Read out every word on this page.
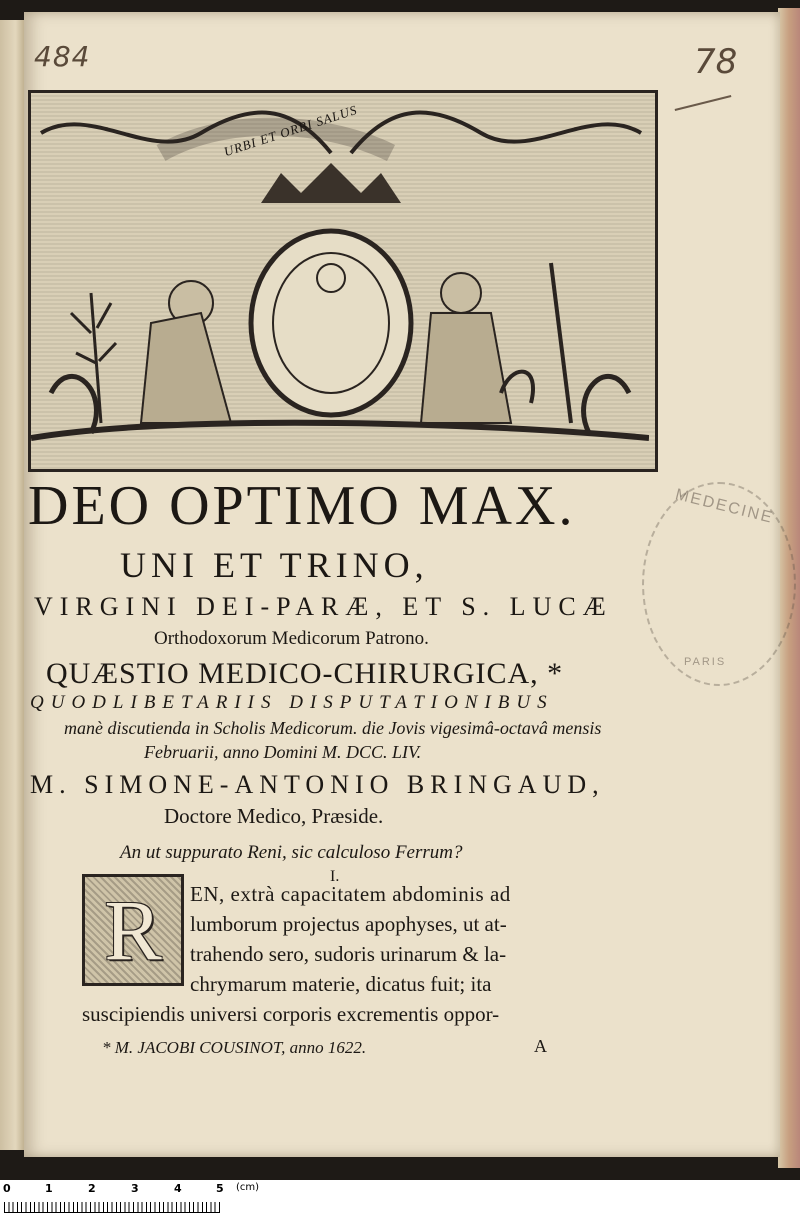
484	78
URBI ET ORBI SALUS
DEO OPTIMO MAX.
UNI ET TRINO,
VIRGINI DEI-PARÆ, ET S. LUCÆ
Orthodoxorum Medicorum Patrono.
QUÆSTIO MEDICO-CHIRURGICA, *
QUODLIBETARIIS DISPUTATIONIBUS
manè discutienda in Scholis Medicorum. die Jovis vigesimâ-octavâ mensis
Februarii, anno Domini M. DCC. LIV.
M. SIMONE-ANTONIO BRINGAUD,
Doctore Medico, Præside.
An ut suppurato Reni, sic calculoso Ferrum?
I.
R EN, extrà capacitatem abdominis ad
lumborum projectus apophyses, ut at-
trahendo sero, sudoris urinarum & la-
chrymarum materie, dicatus fuit; ita
suscipiendis universi corporis excrementis oppor-
* M. JACOBI COUSINOT, anno 1622.	A
MEDECINE
PARIS
0	1	2	3	4	5 (cm)
